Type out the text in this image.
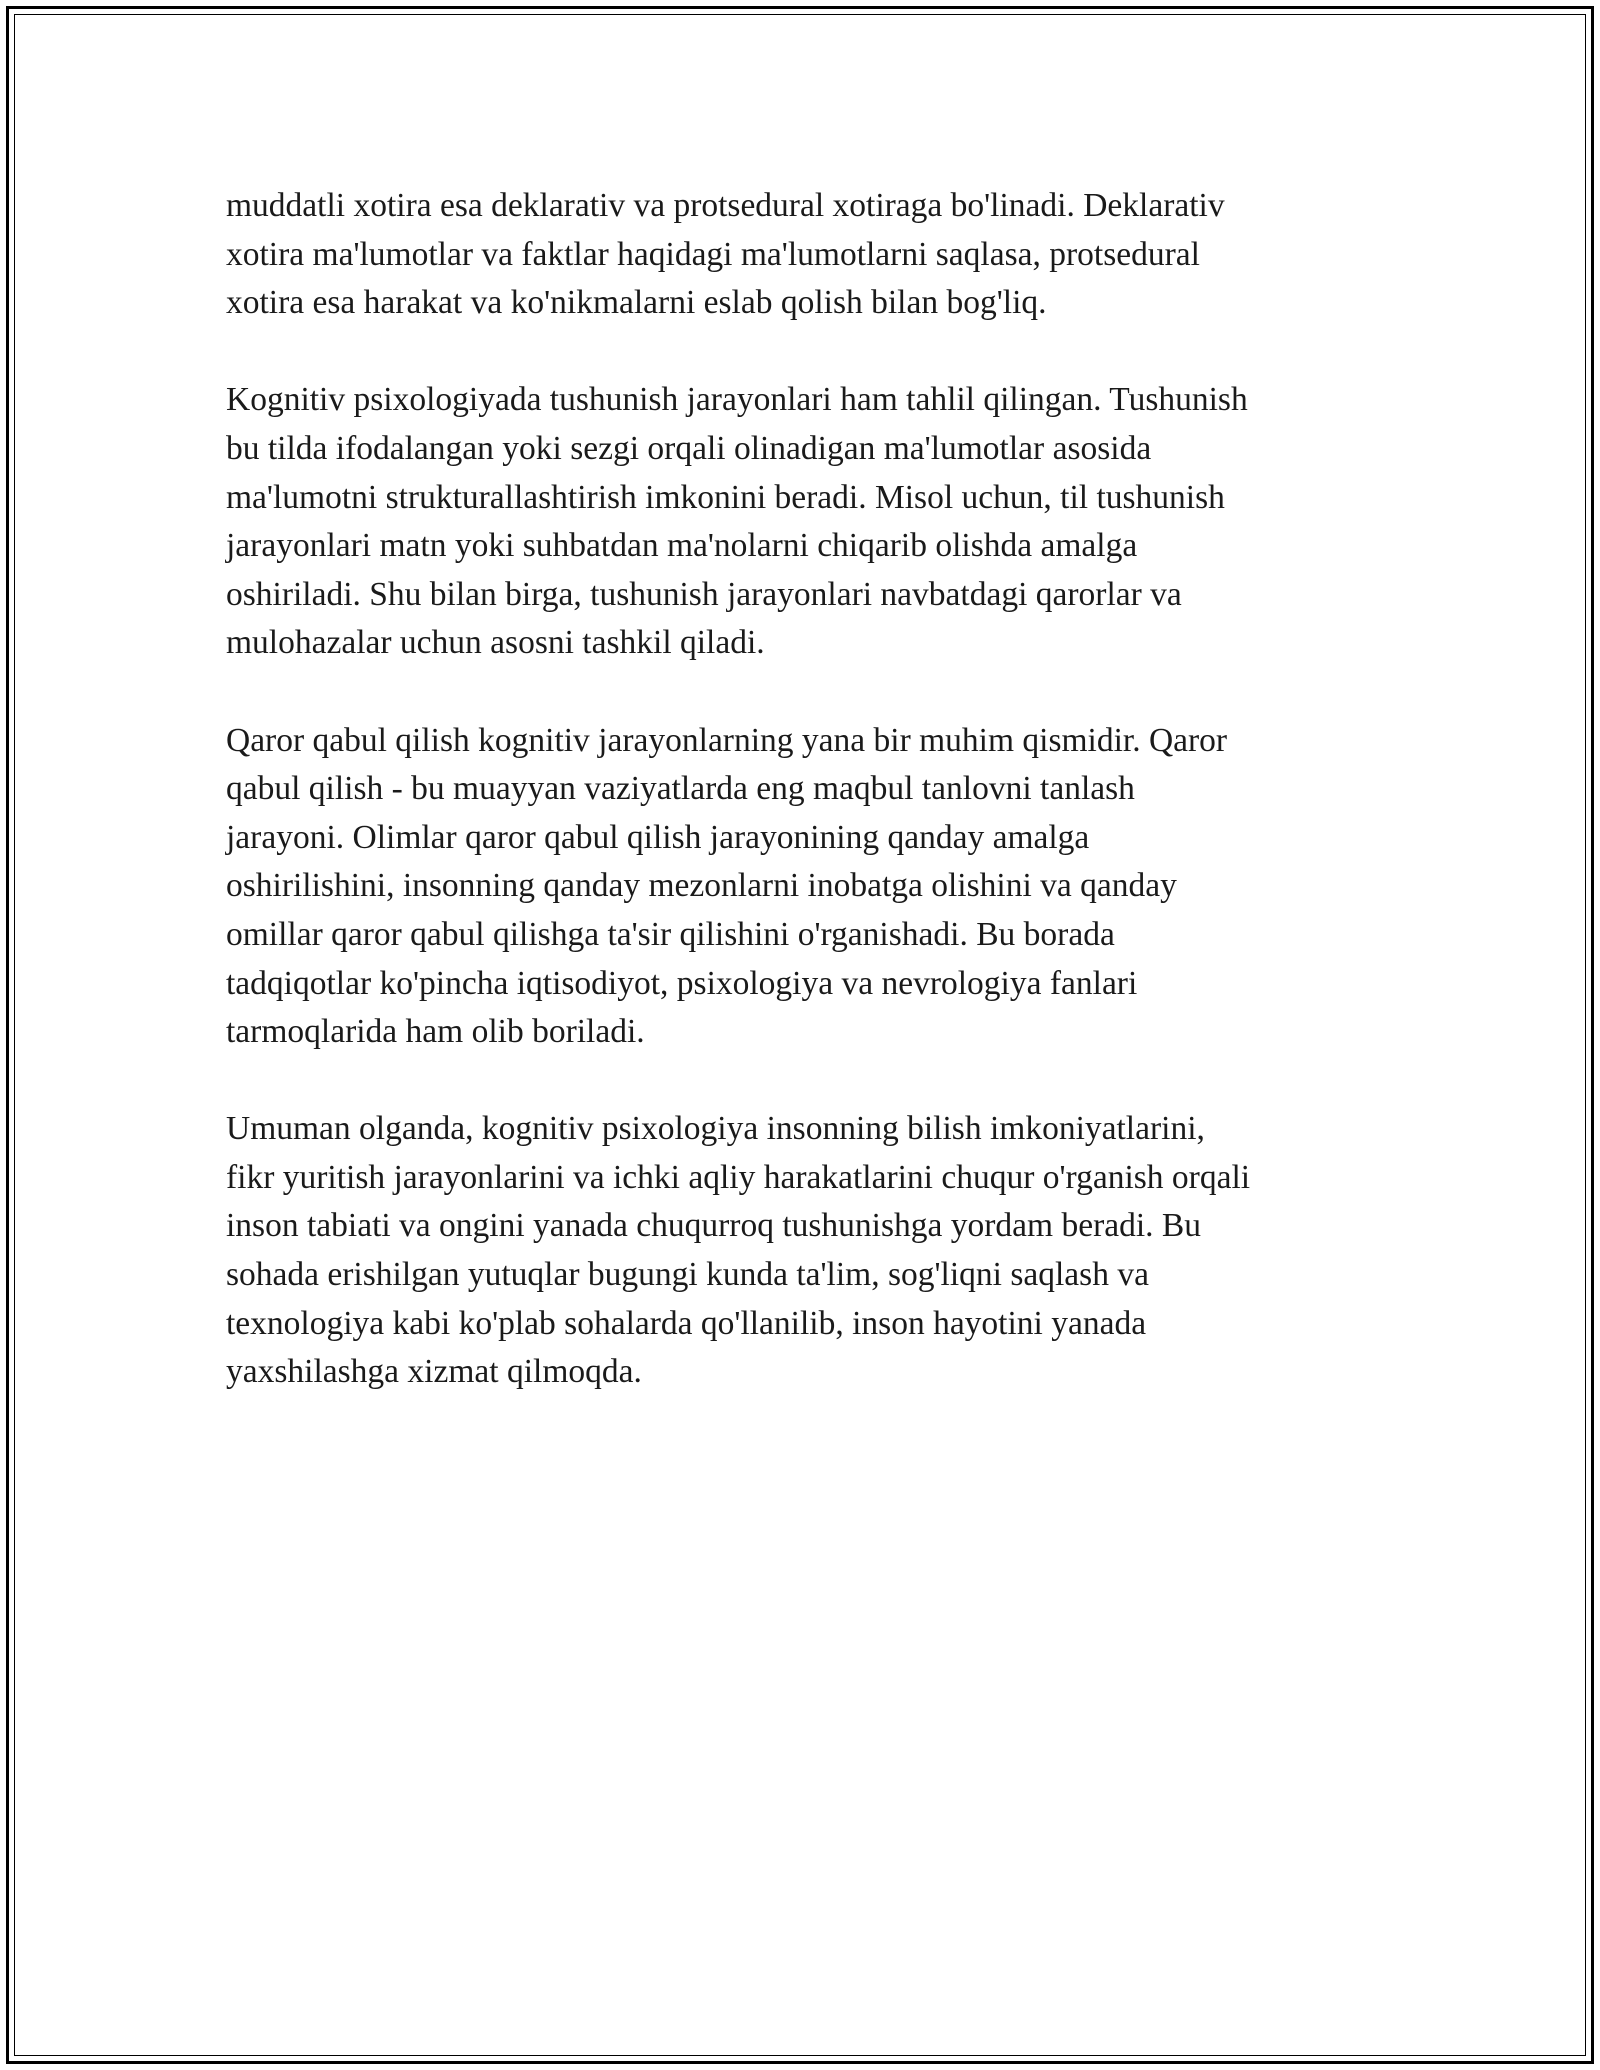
muddatli xotira esa deklarativ va protsedural xotiraga bo'linadi. Deklarativ
xotira ma'lumotlar va faktlar haqidagi ma'lumotlarni saqlasa, protsedural
xotira esa harakat va ko'nikmalarni eslab qolish bilan bog'liq.

Kognitiv psixologiyada tushunish jarayonlari ham tahlil qilingan. Tushunish
bu tilda ifodalangan yoki sezgi orqali olinadigan ma'lumotlar asosida
ma'lumotni strukturallashtirish imkonini beradi. Misol uchun, til tushunish
jarayonlari matn yoki suhbatdan ma'nolarni chiqarib olishda amalga
oshiriladi. Shu bilan birga, tushunish jarayonlari navbatdagi qarorlar va
mulohazalar uchun asosni tashkil qiladi.

Qaror qabul qilish kognitiv jarayonlarning yana bir muhim qismidir. Qaror
qabul qilish - bu muayyan vaziyatlarda eng maqbul tanlovni tanlash
jarayoni. Olimlar qaror qabul qilish jarayonining qanday amalga
oshirilishini, insonning qanday mezonlarni inobatga olishini va qanday
omillar qaror qabul qilishga ta'sir qilishini o'rganishadi. Bu borada
tadqiqotlar ko'pincha iqtisodiyot, psixologiya va nevrologiya fanlari
tarmoqlarida ham olib boriladi.

Umuman olganda, kognitiv psixologiya insonning bilish imkoniyatlarini,
fikr yuritish jarayonlarini va ichki aqliy harakatlarini chuqur o'rganish orqali
inson tabiati va ongini yanada chuqurroq tushunishga yordam beradi. Bu
sohada erishilgan yutuqlar bugungi kunda ta'lim, sog'liqni saqlash va
texnologiya kabi ko'plab sohalarda qo'llanilib, inson hayotini yanada
yaxshilashga xizmat qilmoqda.
